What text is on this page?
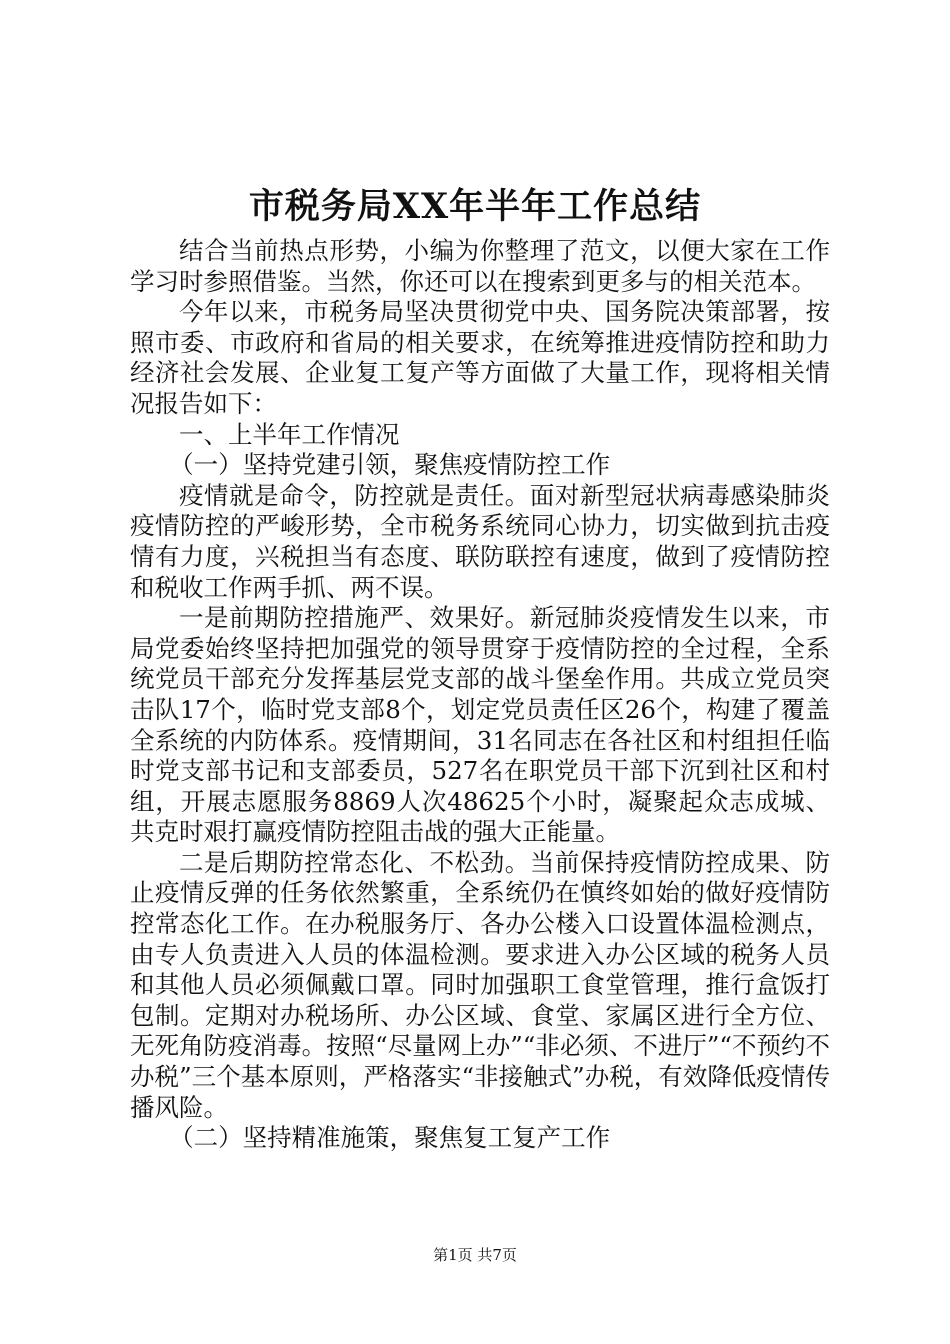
市税务局XX年半年工作总结

结合当前热点形势，小编为你整理了范文，以便大家在工作学习时参照借鉴。当然，你还可以在搜索到更多与的相关范本。

今年以来，市税务局坚决贯彻党中央、国务院决策部署，按照市委、市政府和省局的相关要求，在统筹推进疫情防控和助力经济社会发展、企业复工复产等方面做了大量工作，现将相关情况报告如下：

一、上半年工作情况

（一）坚持党建引领，聚焦疫情防控工作

疫情就是命令，防控就是责任。面对新型冠状病毒感染肺炎疫情防控的严峻形势，全市税务系统同心协力，切实做到抗击疫情有力度，兴税担当有态度、联防联控有速度，做到了疫情防控和税收工作两手抓、两不误。

一是前期防控措施严、效果好。新冠肺炎疫情发生以来，市局党委始终坚持把加强党的领导贯穿于疫情防控的全过程，全系统党员干部充分发挥基层党支部的战斗堡垒作用。共成立党员突击队17个，临时党支部8个，划定党员责任区26个，构建了覆盖全系统的内防体系。疫情期间，31名同志在各社区和村组担任临时党支部书记和支部委员，527名在职党员干部下沉到社区和村组，开展志愿服务8869人次48625个小时，凝聚起众志成城、共克时艰打赢疫情防控阻击战的强大正能量。

二是后期防控常态化、不松劲。当前保持疫情防控成果、防止疫情反弹的任务依然繁重，全系统仍在慎终如始的做好疫情防控常态化工作。在办税服务厅、各办公楼入口设置体温检测点，由专人负责进入人员的体温检测。要求进入办公区域的税务人员和其他人员必须佩戴口罩。同时加强职工食堂管理，推行盒饭打包制。定期对办税场所、办公区域、食堂、家属区进行全方位、无死角防疫消毒。按照“尽量网上办”“非必须、不进厅”“不预约不办税”三个基本原则，严格落实“非接触式”办税，有效降低疫情传播风险。

（二）坚持精准施策，聚焦复工复产工作

第1页 共7页
